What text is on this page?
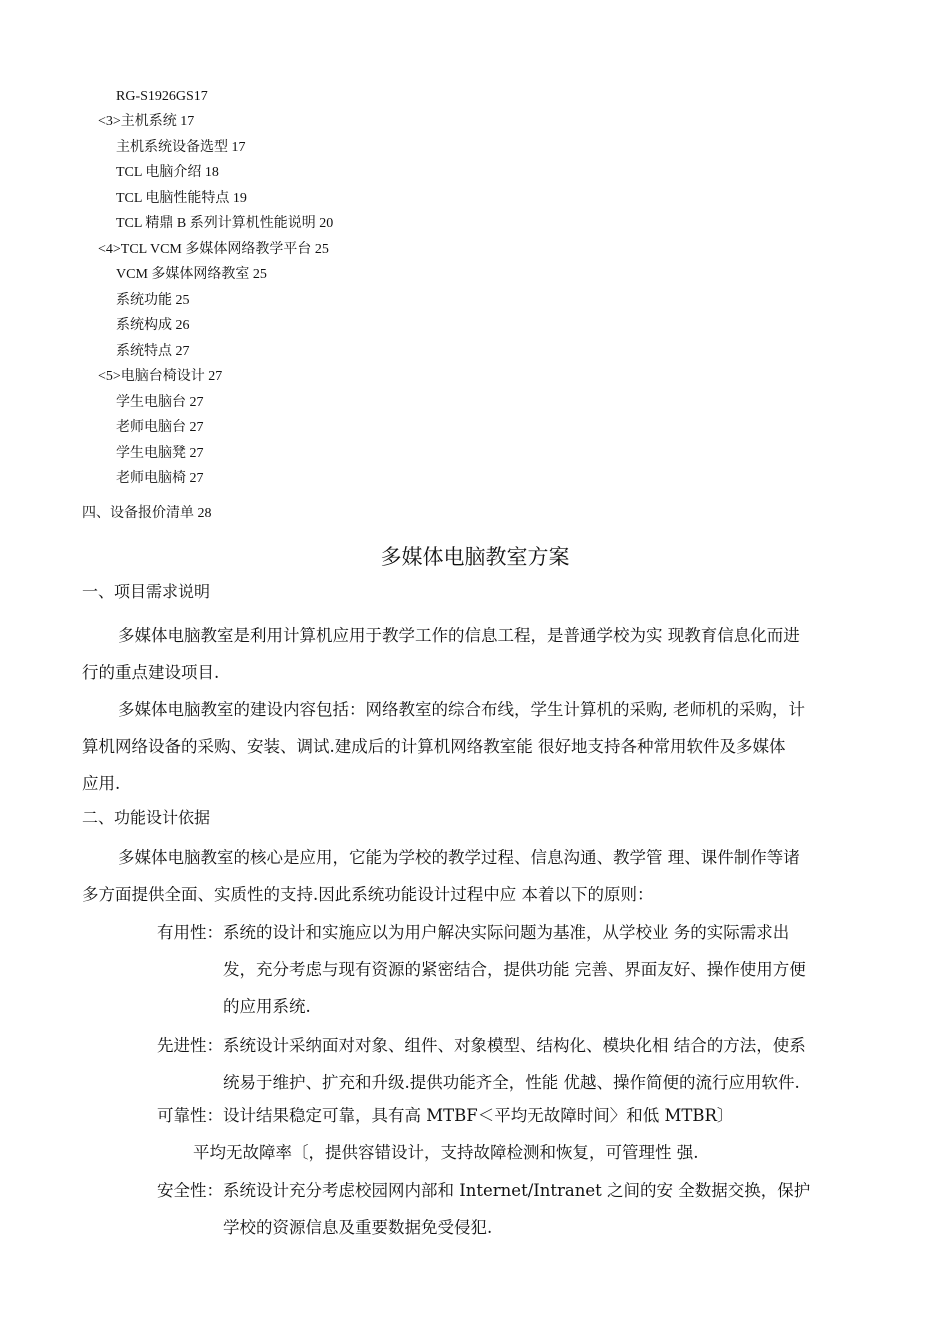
RG-S1926GS17
<3>主机系统 17
主机系统设备选型 17
TCL 电脑介绍 18
TCL 电脑性能特点 19
TCL 精鼎 B 系列计算机性能说明 20
<4>TCL VCM 多媒体网络教学平台 25
VCM 多媒体网络教室 25
系统功能 25
系统构成 26
系统特点 27
<5>电脑台椅设计 27
学生电脑台 27
老师电脑台 27
学生电脑凳 27
老师电脑椅 27
四、设备报价清单 28
多媒体电脑教室方案
一、项目需求说明
多媒体电脑教室是利用计算机应用于教学工作的信息工程，是普通学校为实 现教育信息化而进
行的重点建设项目.
多媒体电脑教室的建设内容包括：网络教室的综合布线，学生计算机的采购, 老师机的采购，计
算机网络设备的采购、安装、调试.建成后的计算机网络教室能 很好地支持各种常用软件及多媒体
应用.
二、功能设计依据
多媒体电脑教室的核心是应用，它能为学校的教学过程、信息沟通、教学管 理、课件制作等诸
多方面提供全面、实质性的支持.因此系统功能设计过程中应 本着以下的原则：
有用性：系统的设计和实施应以为用户解决实际问题为基准，从学校业 务的实际需求出
发，充分考虑与现有资源的紧密结合，提供功能 完善、界面友好、操作使用方便
的应用系统.
先进性：系统设计采纳面对对象、组件、对象模型、结构化、模块化相 结合的方法，使系
统易于维护、扩充和升级.提供功能齐全，性能 优越、操作简便的流行应用软件.
可靠性：设计结果稳定可靠，具有高 MTBF＜平均无故障时间〉和低 MTBR〕
平均无故障率〔，提供容错设计，支持故障检测和恢复，可管理性 强.
安全性：系统设计充分考虑校园网内部和 Internet/Intranet 之间的安 全数据交换，保护
学校的资源信息及重要数据免受侵犯.
